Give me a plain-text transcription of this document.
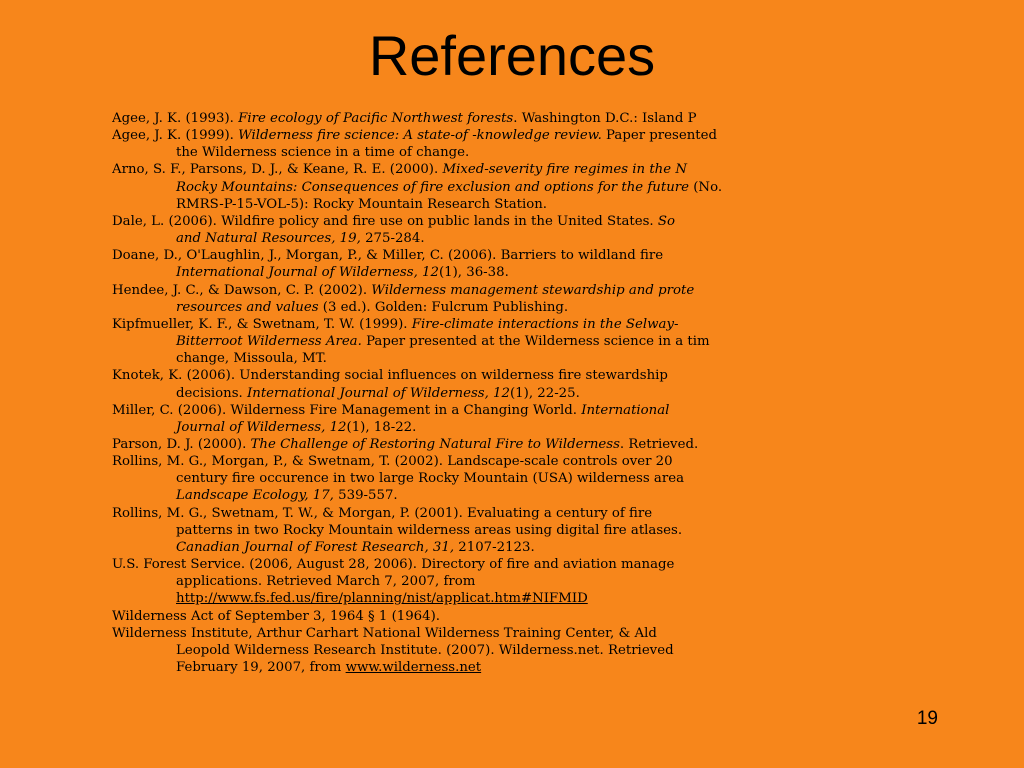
References
Agee, J. K. (1993). Fire ecology of Pacific Northwest forests. Washington D.C.: Island P
Agee, J. K. (1999). Wilderness fire science: A state-of -knowledge review. Paper presented
the Wilderness science in a time of change.
Arno, S. F., Parsons, D. J., & Keane, R. E. (2000). Mixed-severity fire regimes in the N
Rocky Mountains: Consequences of fire exclusion and options for the future (No.
RMRS-P-15-VOL-5): Rocky Mountain Research Station.
Dale, L. (2006). Wildfire policy and fire use on public lands in the United States. So
and Natural Resources, 19, 275-284.
Doane, D., O'Laughlin, J., Morgan, P., & Miller, C. (2006). Barriers to wildland fire
International Journal of Wilderness, 12(1), 36-38.
Hendee, J. C., & Dawson, C. P. (2002). Wilderness management stewardship and prote
resources and values (3 ed.). Golden: Fulcrum Publishing.
Kipfmueller, K. F., & Swetnam, T. W. (1999). Fire-climate interactions in the Selway-
Bitterroot Wilderness Area. Paper presented at the Wilderness science in a tim
change, Missoula, MT.
Knotek, K. (2006). Understanding social influences on wilderness fire stewardship
decisions. International Journal of Wilderness, 12(1), 22-25.
Miller, C. (2006). Wilderness Fire Management in a Changing World. International
Journal of Wilderness, 12(1), 18-22.
Parson, D. J. (2000). The Challenge of Restoring Natural Fire to Wilderness. Retrieved.
Rollins, M. G., Morgan, P., & Swetnam, T. (2002). Landscape-scale controls over 20
century fire occurence in two large Rocky Mountain (USA) wilderness area
Landscape Ecology, 17, 539-557.
Rollins, M. G., Swetnam, T. W., & Morgan, P. (2001). Evaluating a century of fire
patterns in two Rocky Mountain wilderness areas using digital fire atlases.
Canadian Journal of Forest Research, 31, 2107-2123.
U.S. Forest Service. (2006, August 28, 2006). Directory of fire and aviation manage
applications. Retrieved March 7, 2007, from
http://www.fs.fed.us/fire/planning/nist/applicat.htm#NIFMID
Wilderness Act of September 3, 1964 § 1 (1964).
Wilderness Institute, Arthur Carhart National Wilderness Training Center, & Ald
Leopold Wilderness Research Institute. (2007). Wilderness.net. Retrieved
February 19, 2007, from www.wilderness.net
19
